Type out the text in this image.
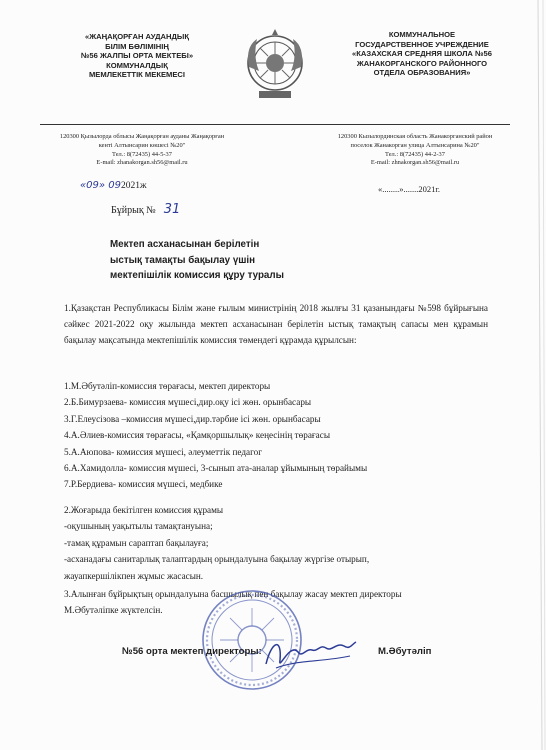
«ЖАҢАҚОРҒАН АУДАНДЫҚ
БІЛІМ БӨЛІМІНІҢ
№56 ЖАЛПЫ ОРТА МЕКТЕБІ»
КОММУНАЛДЫҚ
МЕМЛЕКЕТТІК МЕКЕМЕСІ
КОММУНАЛЬНОЕ
ГОСУДАРСТВЕННОЕ УЧРЕЖДЕНИЕ
«КАЗАХСКАЯ СРЕДНЯЯ ШКОЛА №56
ЖАНАКОРГАНСКОГО РАЙОННОГО
ОТДЕЛА ОБРАЗОВАНИЯ»
120300 Қызылорда облысы Жаңақорған ауданы Жаңақорған
кенті Алтынсарин көшесі №20"
Тел.: 8(72435) 44-5-37
E-mail: zhanakorgan.sh56@mail.ru
120300 Кызылординская область Жанакорганский район
поселок Жанакорган улица Алтынсарина №20"
Тел.: 8(72435) 44-2-37
E-mail: zhnakorgan.sh56@mail.ru
«09» 092021ж	«........».......2021г.
Бұйрық № 31
Мектеп асханасынан берілетін
ыстық тамақты бақылау үшін
мектепішілік комиссия құру туралы

1.Қазақстан Республикасы Білім және ғылым министрінің 2018 жылғы 31 қазанындағы №598 бұйрығына сәйкес 2021-2022 оқу жылында мектеп асханасынан берілетін ыстық тамақтың сапасы мен құрамын бақылау мақсатында мектепішілік комиссия төмендегі құрамда құрылсын:

1.М.Әбутәліп-комиссия төрағасы, мектеп директоры
2.Б.Бимурзаева- комиссия мүшесі,дир.оқу ісі жөн. орынбасары
3.Г.Елеусізова –комиссия мүшесі,дир.тәрбие ісі жөн. орынбасары
4.А.Әлиев-комиссия төрағасы, «Қамқоршылық» кеңесінің төрағасы
5.А.Аюпова- комиссия мүшесі, әлеуметтік педагог
6.А.Хамидолла- комиссия мүшесі, 3-сынып ата-аналар ұйымының төрайымы
7.Р.Бердиева- комиссия мүшесі, медбике
2.Жоғарыда бекітілген комиссия құрамы
-оқушының уақытылы тамақтануына;
-тамақ құрамын сараптап бақылауға;
-асханадағы санитарлық талаптардың орындалуына бақылау жүргізе отырып,
жауапкершілікпен жұмыс жасасын.
3.Алынған бұйрықтың орындалуына басшылық пен бақылау жасау мектеп директоры
М.Әбутәліпке жүктелсін.
№56 орта мектеп директоры:	М.Әбутәліп
